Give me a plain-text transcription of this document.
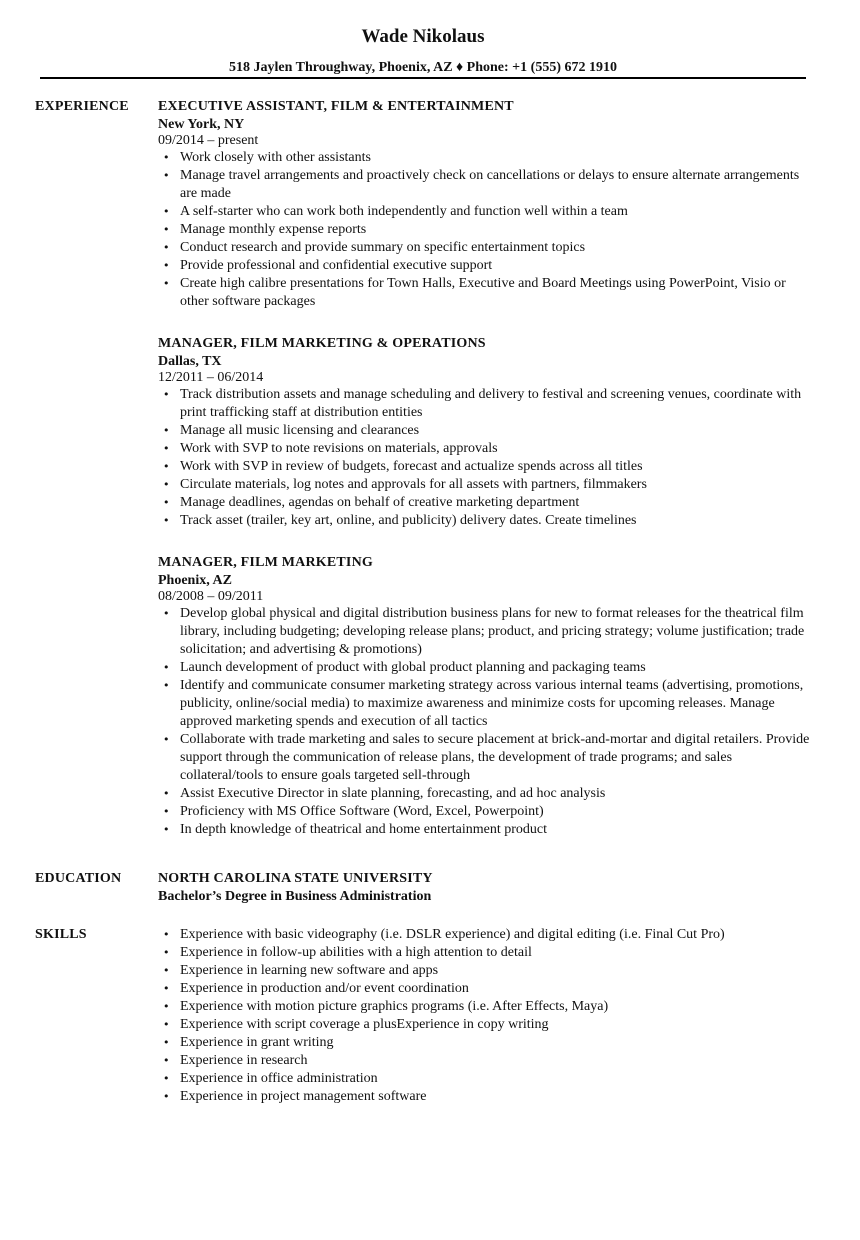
Wade Nikolaus
518 Jaylen Throughway, Phoenix, AZ ♦ Phone: +1 (555) 672 1910
EXPERIENCE EXECUTIVE ASSISTANT, FILM & ENTERTAINMENT
New York, NY
09/2014 – present
• Work closely with other assistants
• Manage travel arrangements and proactively check on cancellations or delays to ensure alternate arrangements are made
• A self-starter who can work both independently and function well within a team
• Manage monthly expense reports
• Conduct research and provide summary on specific entertainment topics
• Provide professional and confidential executive support
• Create high calibre presentations for Town Halls, Executive and Board Meetings using PowerPoint, Visio or other software packages
MANAGER, FILM MARKETING & OPERATIONS
Dallas, TX
12/2011 – 06/2014
• Track distribution assets and manage scheduling and delivery to festival and screening venues, coordinate with print trafficking staff at distribution entities
• Manage all music licensing and clearances
• Work with SVP to note revisions on materials, approvals
• Work with SVP in review of budgets, forecast and actualize spends across all titles
• Circulate materials, log notes and approvals for all assets with partners, filmmakers
• Manage deadlines, agendas on behalf of creative marketing department
• Track asset (trailer, key art, online, and publicity) delivery dates. Create timelines
MANAGER, FILM MARKETING
Phoenix, AZ
08/2008 – 09/2011
• Develop global physical and digital distribution business plans for new to format releases for the theatrical film library, including budgeting; developing release plans; product, and pricing strategy; volume justification; trade solicitation; and advertising & promotions)
• Launch development of product with global product planning and packaging teams
• Identify and communicate consumer marketing strategy across various internal teams (advertising, promotions, publicity, online/social media) to maximize awareness and minimize costs for upcoming releases. Manage approved marketing spends and execution of all tactics
• Collaborate with trade marketing and sales to secure placement at brick-and-mortar and digital retailers. Provide support through the communication of release plans, the development of trade programs; and sales collateral/tools to ensure goals targeted sell-through
• Assist Executive Director in slate planning, forecasting, and ad hoc analysis
• Proficiency with MS Office Software (Word, Excel, Powerpoint)
• In depth knowledge of theatrical and home entertainment product
EDUCATION	NORTH CAROLINA STATE UNIVERSITY
Bachelor’s Degree in Business Administration
SKILLS
•	Experience with basic videography (i.e. DSLR experience) and digital editing (i.e. Final Cut Pro)
• Experience in follow-up abilities with a high attention to detail
• Experience in learning new software and apps
• Experience in production and/or event coordination
• Experience with motion picture graphics programs (i.e. After Effects, Maya)
• Experience with script coverage a plusExperience in copy writing
• Experience in grant writing
• Experience in research
• Experience in office administration
• Experience in project management software
